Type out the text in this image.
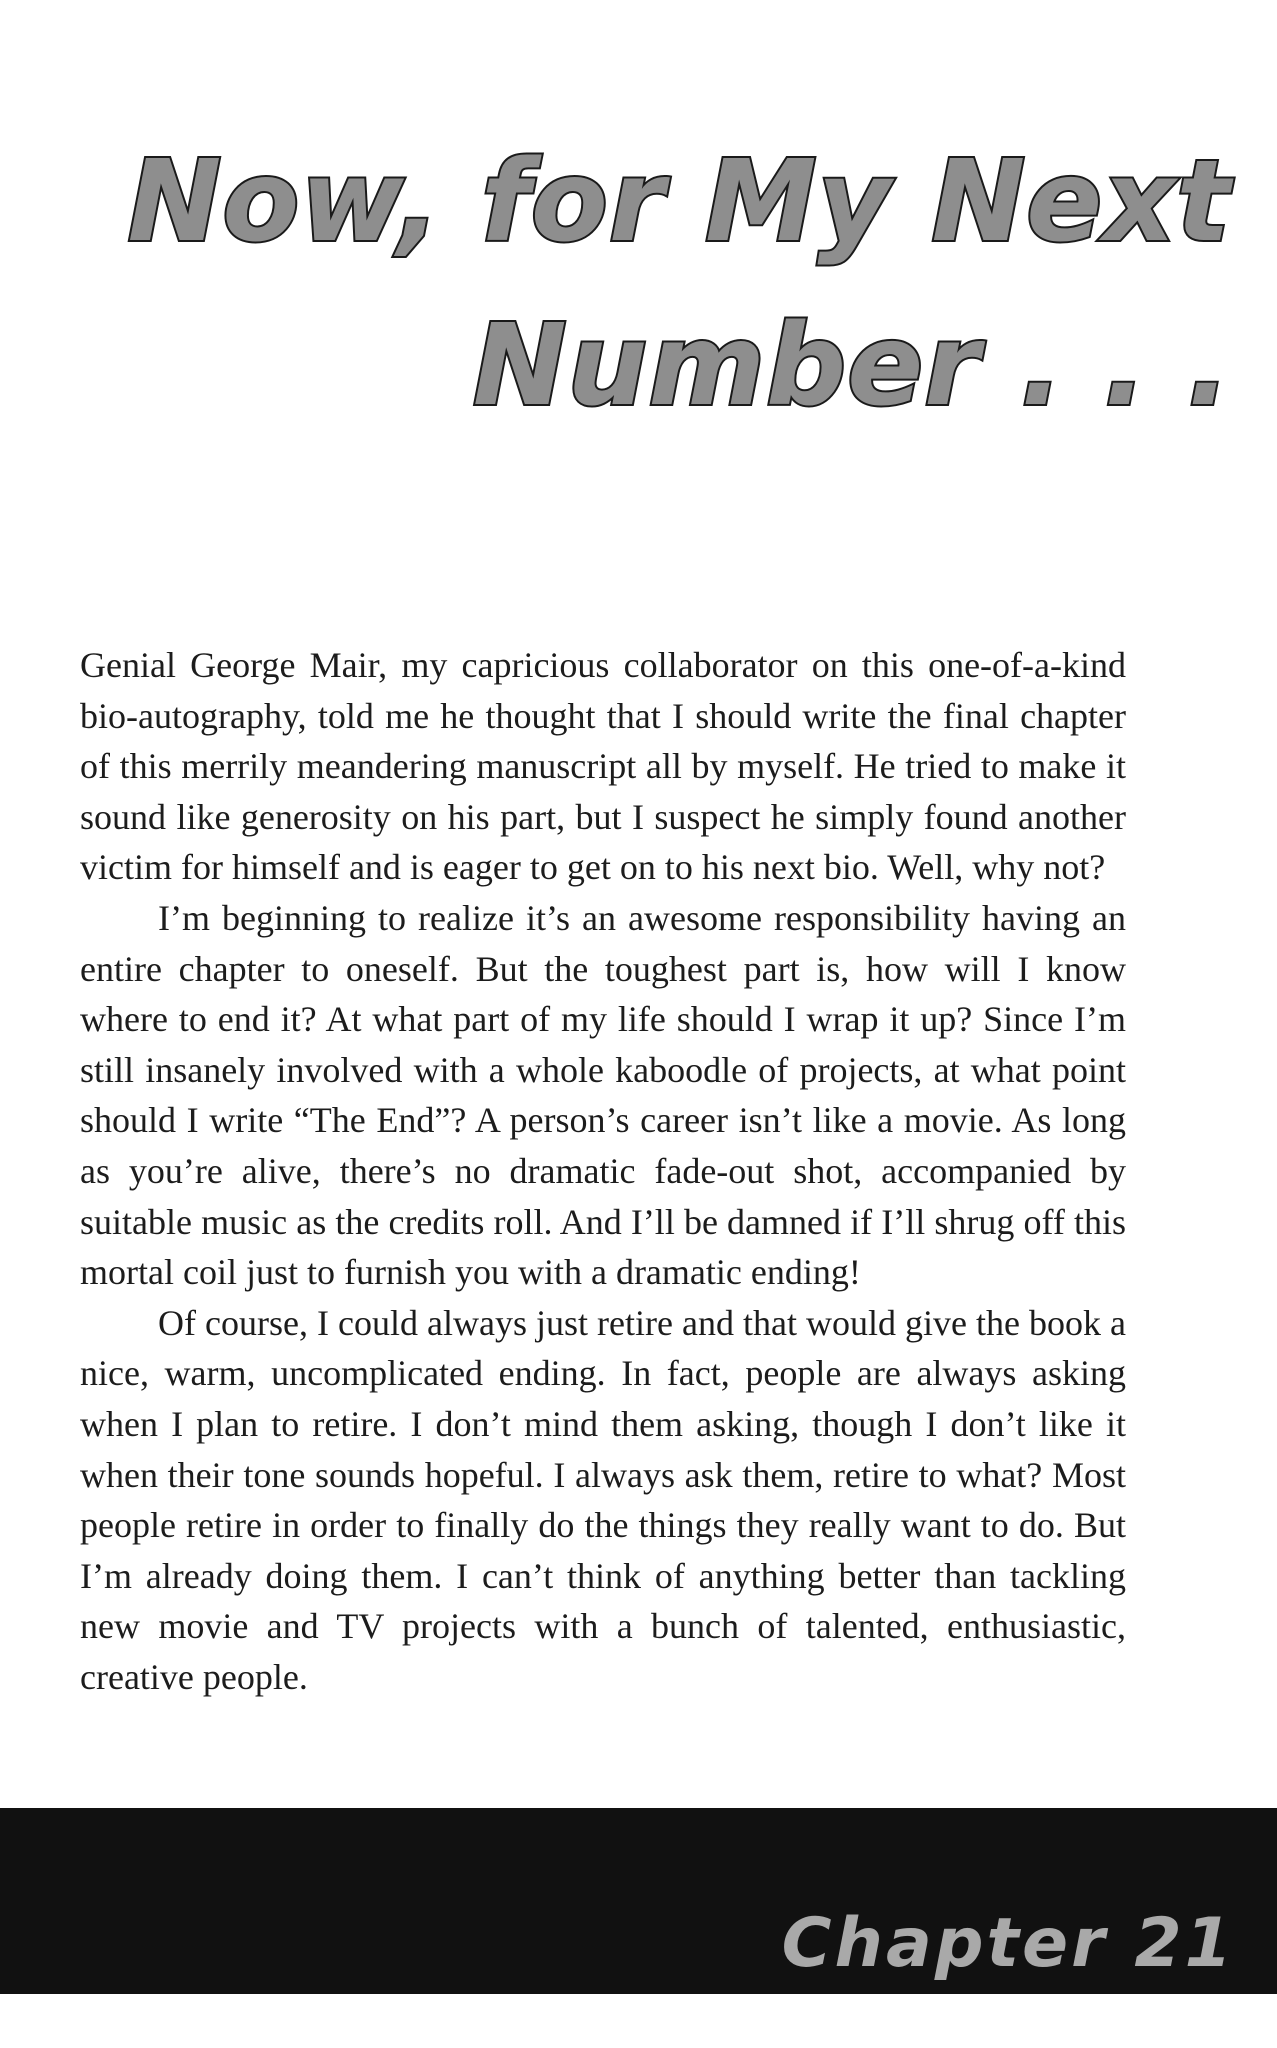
Now, for My Next
Number . . .

Genial George Mair, my capricious collaborator on this one-of-a-kind bio-autography, told me he thought that I should write the final chapter of this merrily meandering manuscript all by myself. He tried to make it sound like generosity on his part, but I suspect he simply found another victim for himself and is eager to get on to his next bio. Well, why not?

I’m beginning to realize it’s an awesome responsibility having an entire chapter to oneself. But the toughest part is, how will I know where to end it? At what part of my life should I wrap it up? Since I’m still insanely involved with a whole kaboodle of projects, at what point should I write “The End”? A person’s career isn’t like a movie. As long as you’re alive, there’s no dramatic fade-out shot, accompanied by suitable music as the credits roll. And I’ll be damned if I’ll shrug off this mortal coil just to furnish you with a dramatic ending!

Of course, I could always just retire and that would give the book a nice, warm, uncomplicated ending. In fact, people are always asking when I plan to retire. I don’t mind them asking, though I don’t like it when their tone sounds hopeful. I always ask them, retire to what? Most people retire in order to finally do the things they really want to do. But I’m already doing them. I can’t think of anything better than tackling new movie and TV projects with a bunch of talented, enthusiastic, creative people.

Chapter 21
